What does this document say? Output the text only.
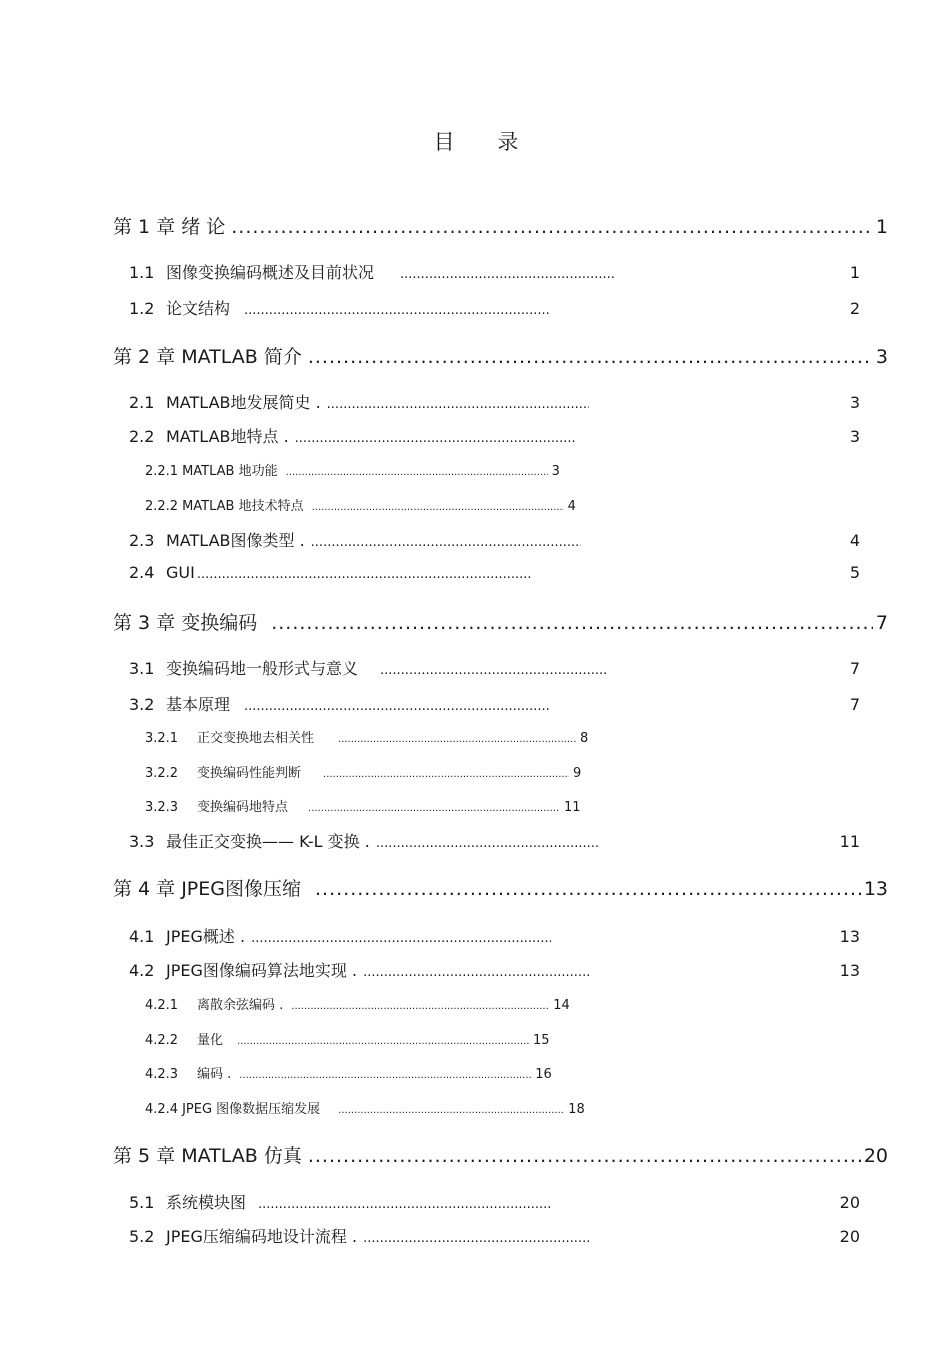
目 录
第 1 章 绪 论 .....	1
1.1 图像变换编码概述及目前状况 .....	1
1.2 论文结构 .....	2
第 2 章 MATLAB 简介 .....	3
2.1 MATLAB地发展简史 . .....	3
2.2 MATLAB地特点 . .....	3
2.2.1 MATLAB 地功能 .....	3
2.2.2 MATLAB 地技术特点 .....	4
2.3 MATLAB图像类型 . .....	4
2.4 GUI .....	5
第 3 章 变换编码 .....	7
3.1 变换编码地一般形式与意义 .....	7
3.2 基本原理 .....	7
3.2.1	正交变换地去相关性 .....	8
3.2.2	变换编码性能判断 .....	9
3.2.3	变换编码地特点 .....	11
3.3 最佳正交变换—— K-L 变换 . .....	11
第 4 章 JPEG图像压缩 .....	13
4.1 JPEG概述 . .....	13
4.2 JPEG图像编码算法地实现 . .....	13
4.2.1	离散余弦编码 . .....	14
4.2.2	量化 .....	15
4.2.3	编码 . .....	16
4.2.4 JPEG 图像数据压缩发展 .....	18
第 5 章 MATLAB 仿真 .....	20
5.1 系统模块图 .....	20
5.2 JPEG压缩编码地设计流程 . .....	20
